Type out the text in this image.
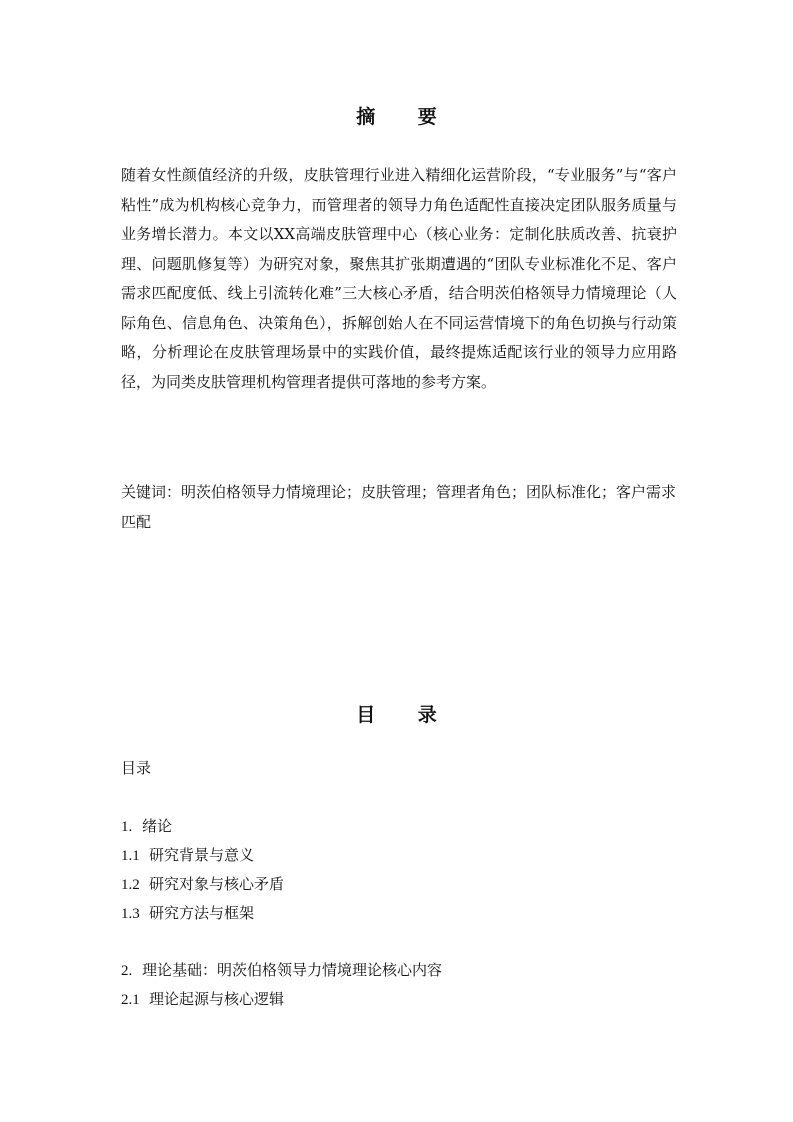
摘 要

随着女性颜值经济的升级，皮肤管理行业进入精细化运营阶段，“专业服务”与“客户粘性”成为机构核心竞争力，而管理者的领导力角色适配性直接决定团队服务质量与业务增长潜力。本文以XX高端皮肤管理中心（核心业务：定制化肤质改善、抗衰护理、问题肌修复等）为研究对象，聚焦其扩张期遭遇的“团队专业标准化不足、客户需求匹配度低、线上引流转化难”三大核心矛盾，结合明茨伯格领导力情境理论（人际角色、信息角色、决策角色），拆解创始人在不同运营情境下的角色切换与行动策略，分析理论在皮肤管理场景中的实践价值，最终提炼适配该行业的领导力应用路径，为同类皮肤管理机构管理者提供可落地的参考方案。

关键词：明茨伯格领导力情境理论；皮肤管理；管理者角色；团队标准化；客户需求匹配

目 录
目录
1. 绪论
1.1 研究背景与意义
1.2 研究对象与核心矛盾
1.3 研究方法与框架
2. 理论基础：明茨伯格领导力情境理论核心内容
2.1 理论起源与核心逻辑
